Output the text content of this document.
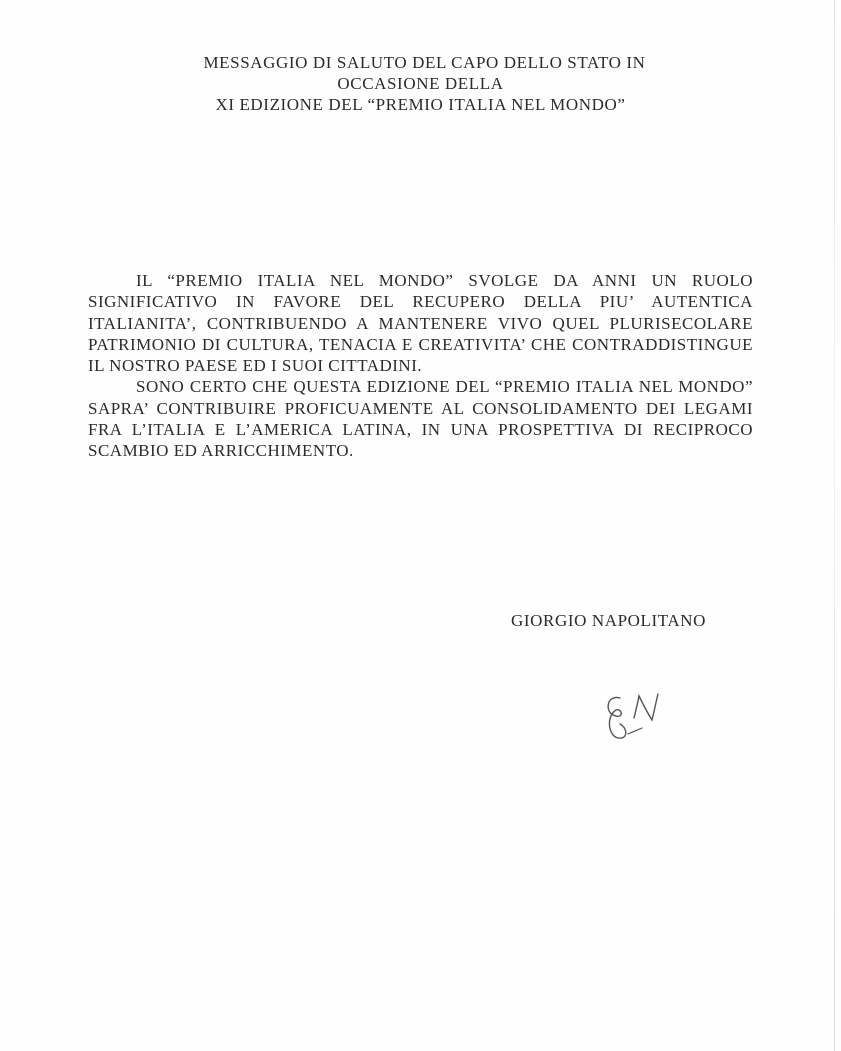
MESSAGGIO DI SALUTO DEL CAPO DELLO STATO IN
OCCASIONE DELLA
XI EDIZIONE DEL “PREMIO ITALIA NEL MONDO”

IL “PREMIO ITALIA NEL MONDO” SVOLGE DA ANNI UN RUOLO SIGNIFICATIVO IN FAVORE DEL RECUPERO DELLA PIU’ AUTENTICA ITALIANITA’, CONTRIBUENDO A MANTENERE VIVO QUEL PLURISECOLARE PATRIMONIO DI CULTURA, TENACIA E CREATIVITA’ CHE CONTRADDISTINGUE IL NOSTRO PAESE ED I SUOI CITTADINI.

SONO CERTO CHE QUESTA EDIZIONE DEL “PREMIO ITALIA NEL MONDO” SAPRA’ CONTRIBUIRE PROFICUAMENTE AL CONSOLIDAMENTO DEI LEGAMI FRA L’ITALIA E L’AMERICA LATINA, IN UNA PROSPETTIVA DI RECIPROCO SCAMBIO ED ARRICCHIMENTO.

GIORGIO NAPOLITANO
